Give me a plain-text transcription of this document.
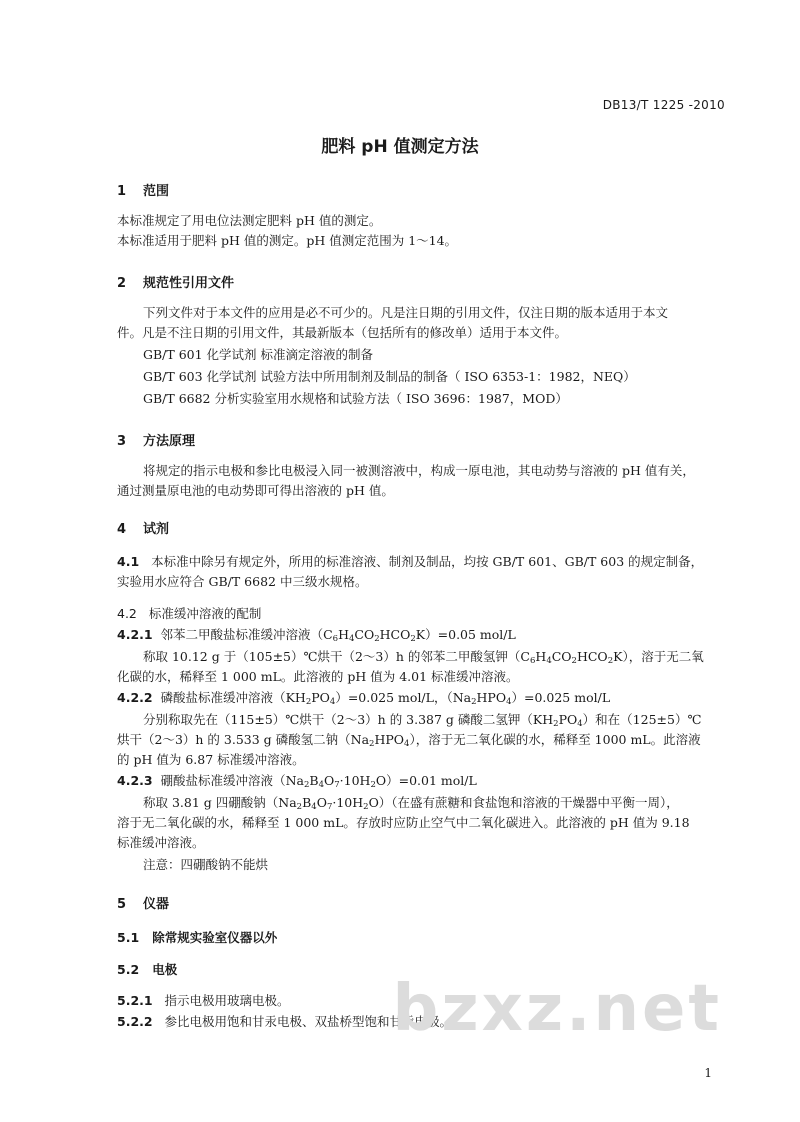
DB13/T 1225 -2010
肥料 pH 值测定方法
1 范围
本标准规定了用电位法测定肥料 pH 值的测定。
本标准适用于肥料 pH 值的测定。pH 值测定范围为 1～14。
2 规范性引用文件
下列文件对于本文件的应用是必不可少的。凡是注日期的引用文件，仅注日期的版本适用于本文
件。凡是不注日期的引用文件，其最新版本（包括所有的修改单）适用于本文件。
GB/T 601 化学试剂 标准滴定溶液的制备
GB/T 603 化学试剂 试验方法中所用制剂及制品的制备（ ISO 6353-1：1982，NEQ）
GB/T 6682 分析实验室用水规格和试验方法（ ISO 3696：1987，MOD）
3 方法原理
将规定的指示电极和参比电极浸入同一被测溶液中，构成一原电池，其电动势与溶液的 pH 值有关，
通过测量原电池的电动势即可得出溶液的 pH 值。
4 试剂
4.1 本标准中除另有规定外，所用的标准溶液、制剂及制品，均按 GB/T 601、GB/T 603 的规定制备，
实验用水应符合 GB/T 6682 中三级水规格。
4.2 标准缓冲溶液的配制
4.2.1 邻苯二甲酸盐标准缓冲溶液$(C_6H_4CO_2HCO_2K)=0.05$ mol/L
称取 10.12 g 于（105±5）℃烘干（2～3）h 的邻苯二甲酸氢钾$(C_6H_4CO_2HCO_2K)$，溶于无二氧
化碳的水，稀释至 1 000 mL。此溶液的 pH 值为 4.01 标准缓冲溶液。
4.2.2 磷酸盐标准缓冲溶液$(KH_2PO_4)=0.025$ mol/L，$(Na_2HPO_4)=0.025$ mol/L
分别称取先在（115±5）℃烘干（2～3）h 的 3.387 g 磷酸二氢钾$(KH_2PO_4)$和在（125±5）℃
烘干（2～3）h 的 3.533 g 磷酸氢二钠$(Na_2HPO_4)$，溶于无二氧化碳的水，稀释至 1000 mL。此溶液
的 pH 值为 6.87 标准缓冲溶液。
4.2.3 硼酸盐标准缓冲溶液$(Na_2B_4O_7\cdot 10H_2O)=0.01$ mol/L
称取 3.81 g 四硼酸钠$(Na_2B_4O_7\cdot 10H_2O)$（在盛有蔗糖和食盐饱和溶液的干燥器中平衡一周），
溶于无二氧化碳的水，稀释至 1 000 mL。存放时应防止空气中二氧化碳进入。此溶液的 pH 值为 9.18
标准缓冲溶液。
注意：四硼酸钠不能烘
5 仪器
5.1 除常规实验室仪器以外
5.2 电极
5.2.1 指示电极用玻璃电极。
5.2.2 参比电极用饱和甘汞电极、双盐桥型饱和甘汞电极。
bzxz.net
1
